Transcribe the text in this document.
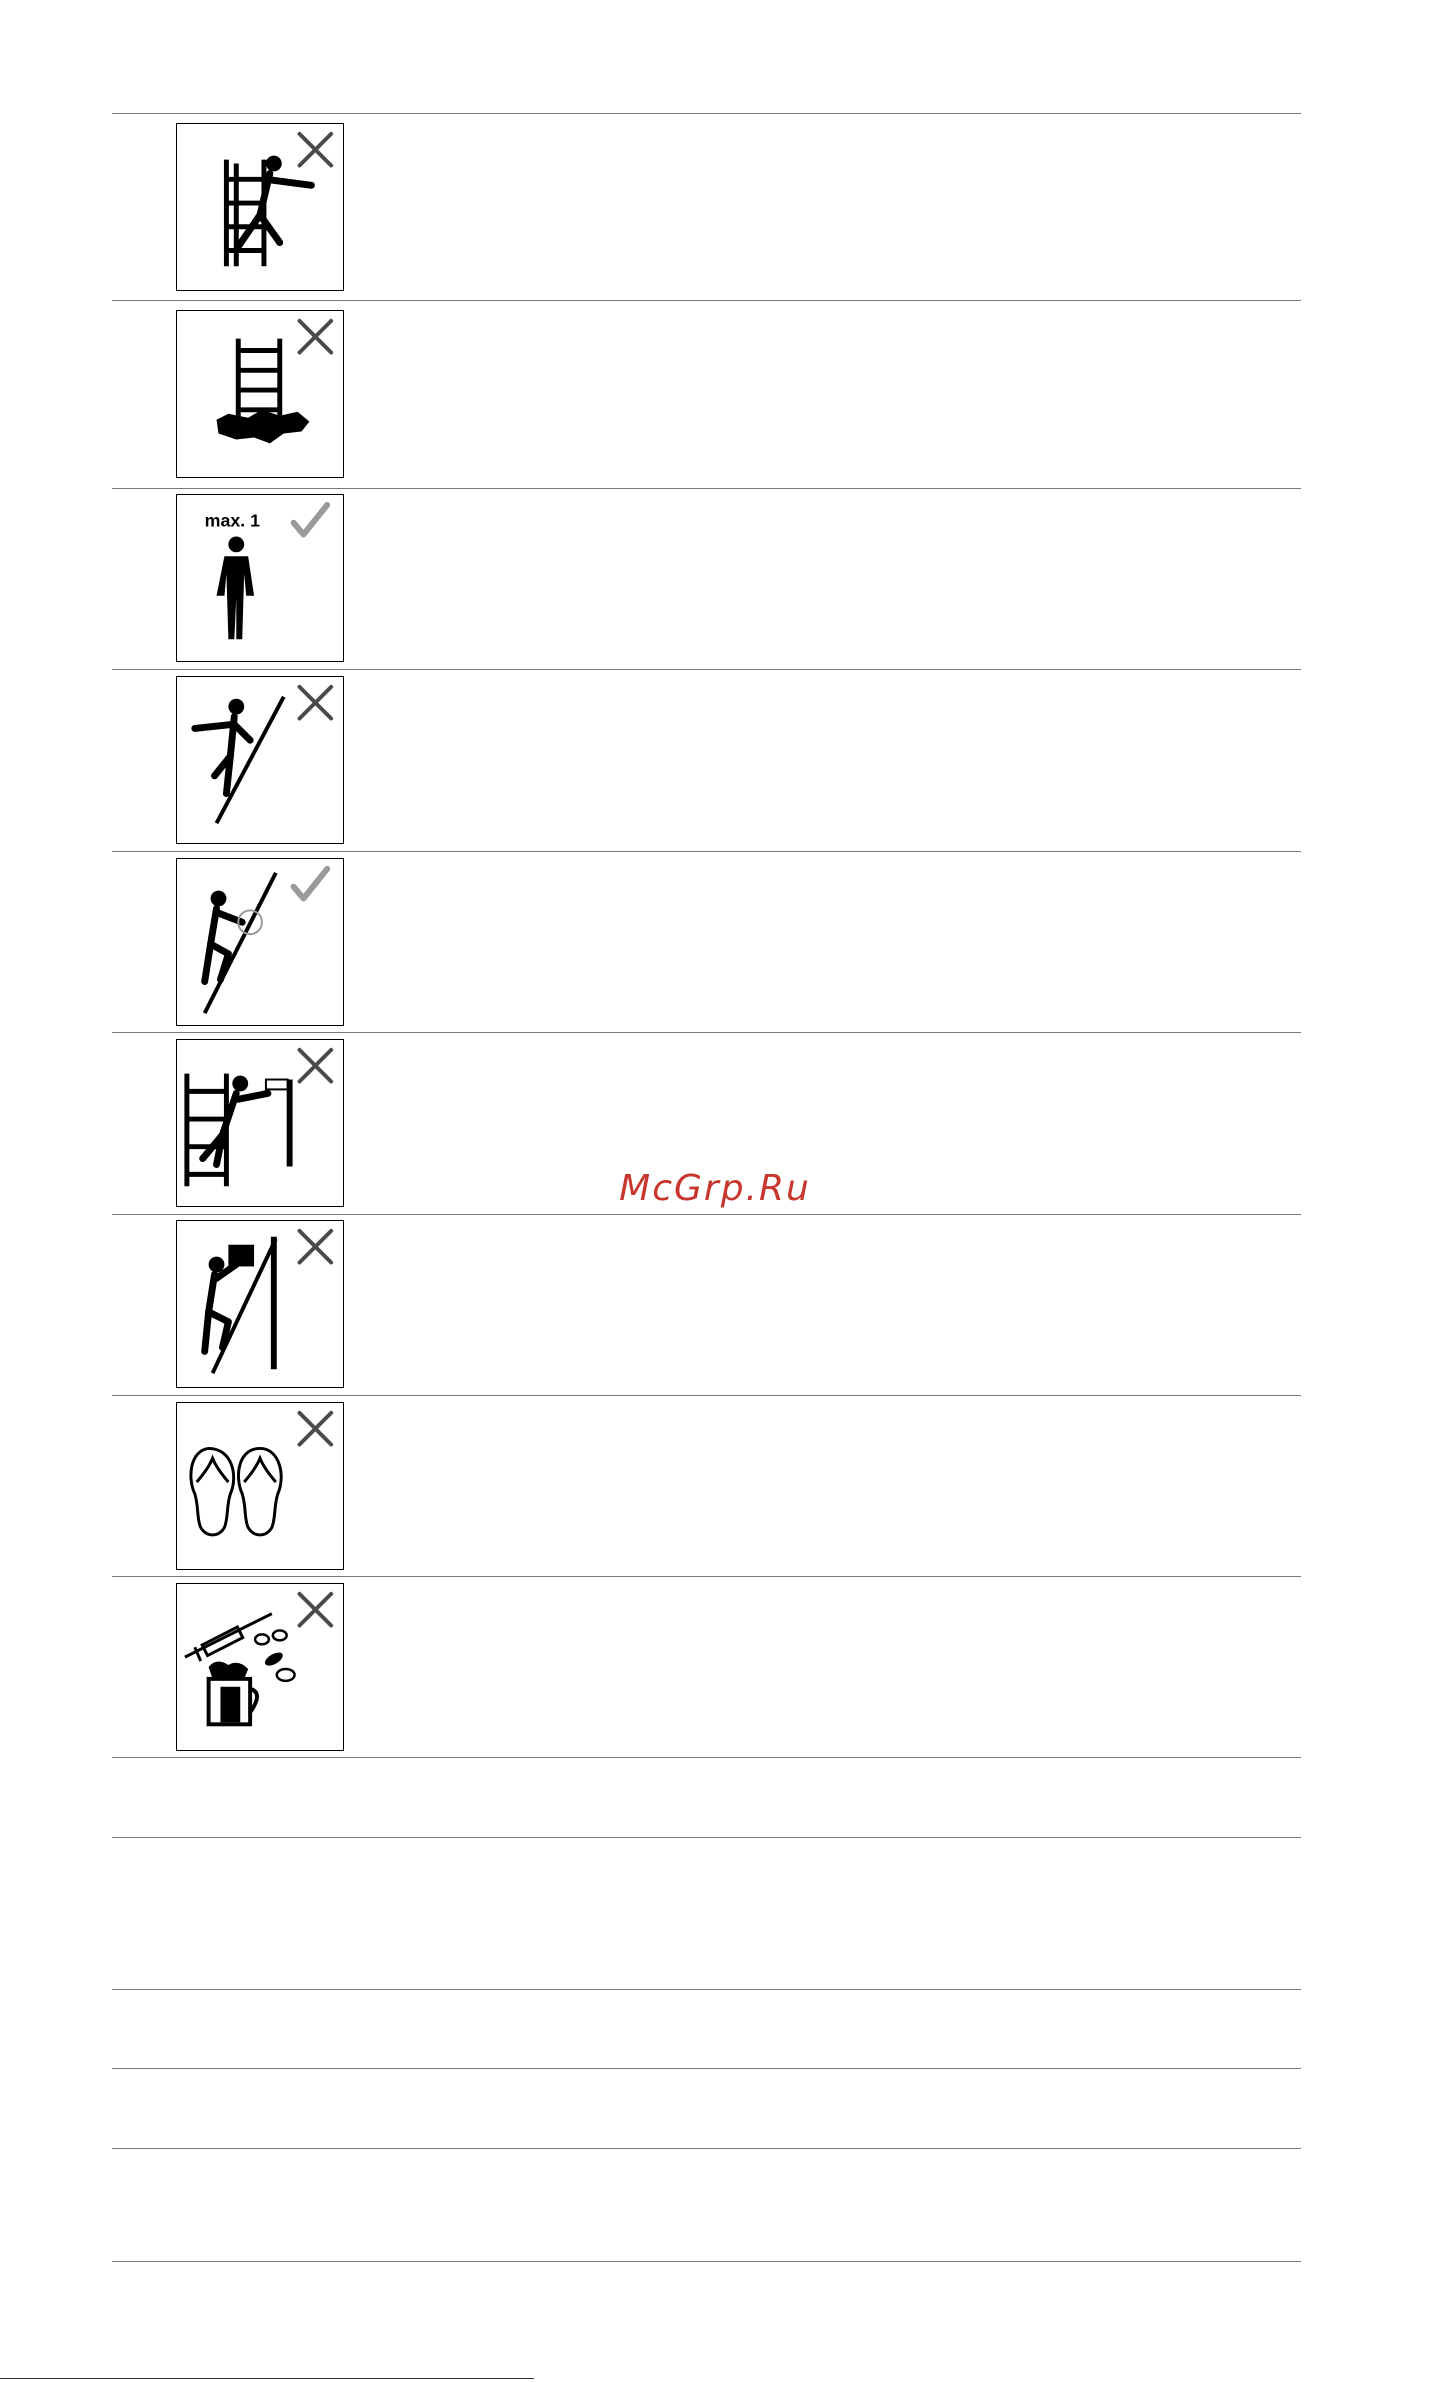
max. 1
McGrp.Ru
